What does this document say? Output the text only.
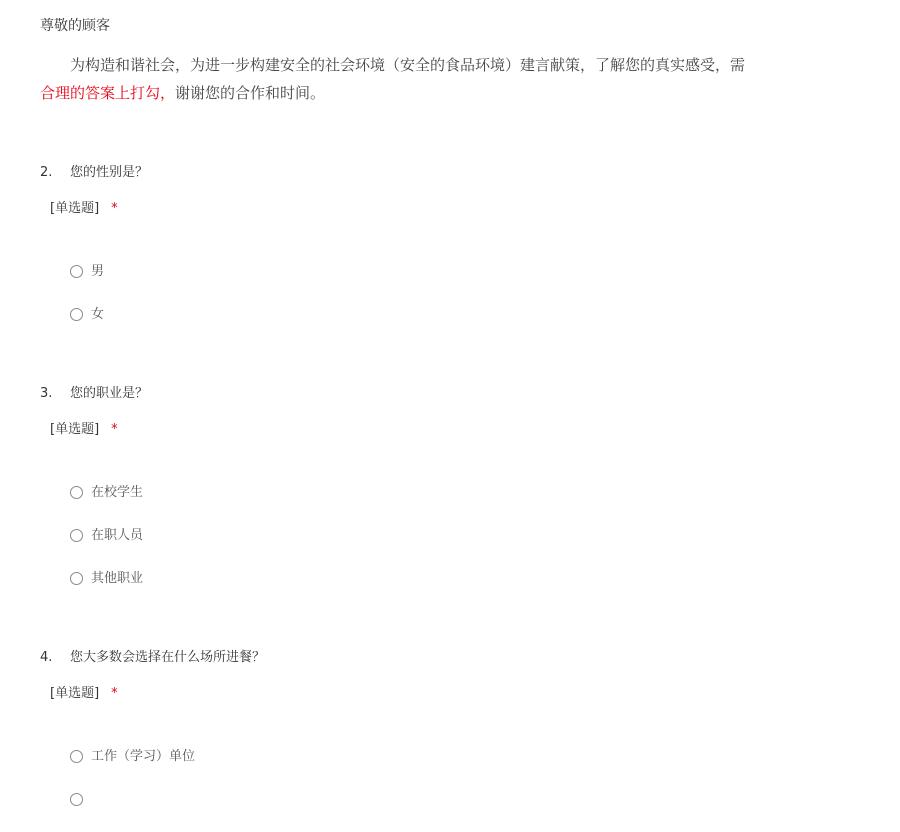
尊敬的顾客
为构造和谐社会，为进一步构建安全的社会环境（安全的食品环境）建言献策，了解您的真实感受，需
合理的答案上打勾，谢谢您的合作和时间。
2. 您的性别是？
[单选题] *
男
女
3. 您的职业是？
[单选题] *
在校学生
在职人员
其他职业
4. 您大多数会选择在什么场所进餐？
[单选题] *
工作（学习）单位
